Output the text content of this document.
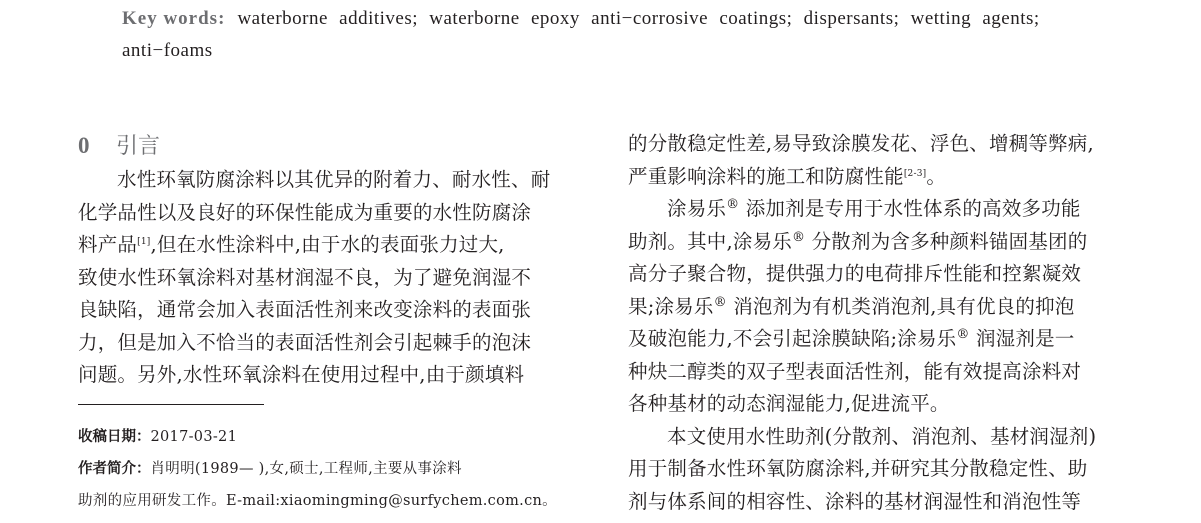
Key words: waterborne additives; waterborne epoxy anti−corrosive coatings; dispersants; wetting agents;
anti−foams
0 引言

水性环氧防腐涂料以其优异的附着力、耐水性、耐
化学品性以及良好的环保性能成为重要的水性防腐涂
料产品[1],但在水性涂料中,由于水的表面张力过大,
致使水性环氧涂料对基材润湿不良，为了避免润湿不
良缺陷，通常会加入表面活性剂来改变涂料的表面张
力，但是加入不恰当的表面活性剂会引起棘手的泡沫
问题。另外,水性环氧涂料在使用过程中,由于颜填料

收稿日期：2017-03-21
作者简介：肖明明(1989— ),女,硕士,工程师,主要从事涂料
助剂的应用研发工作。E-mail:xiaomingming@surfychem.com.cn。

的分散稳定性差,易导致涂膜发花、浮色、增稠等弊病,
严重影响涂料的施工和防腐性能[2-3]。

涂易乐® 添加剂是专用于水性体系的高效多功能
助剂。其中,涂易乐® 分散剂为含多种颜料锚固基团的
高分子聚合物，提供强力的电荷排斥性能和控絮凝效
果;涂易乐® 消泡剂为有机类消泡剂,具有优良的抑泡
及破泡能力,不会引起涂膜缺陷;涂易乐® 润湿剂是一
种炔二醇类的双子型表面活性剂，能有效提高涂料对
各种基材的动态润湿能力,促进流平。

本文使用水性助剂(分散剂、消泡剂、基材润湿剂)
用于制备水性环氧防腐涂料,并研究其分散稳定性、助
剂与体系间的相容性、涂料的基材润湿性和消泡性等
